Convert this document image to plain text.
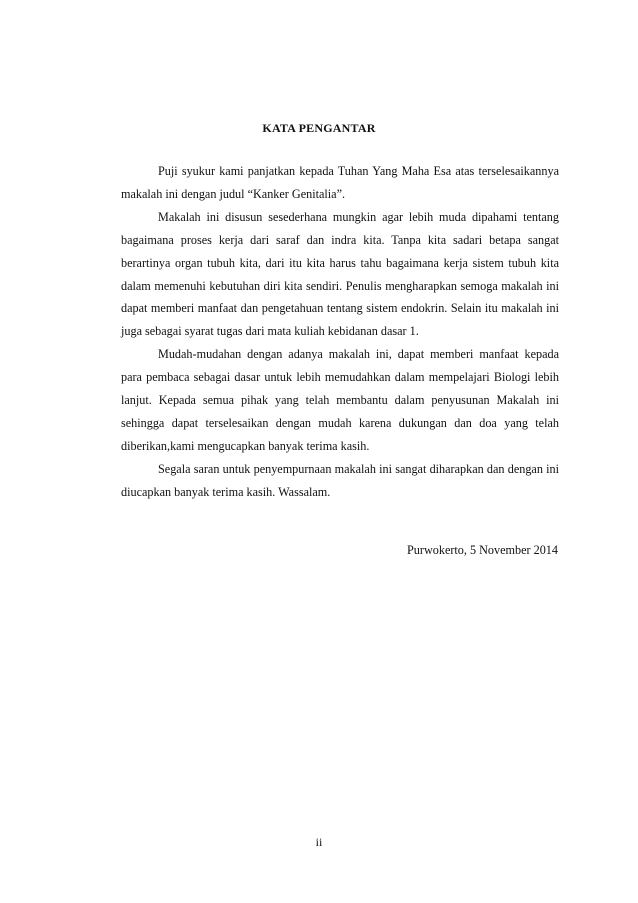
KATA PENGANTAR

Puji syukur kami panjatkan kepada Tuhan Yang Maha Esa atas terselesaikannya makalah ini dengan judul “Kanker Genitalia”.

Makalah ini disusun sesederhana mungkin agar lebih muda dipahami tentang bagaimana proses kerja dari saraf dan indra kita. Tanpa kita sadari betapa sangat berartinya organ tubuh kita, dari itu kita harus tahu bagaimana kerja sistem tubuh kita dalam memenuhi kebutuhan diri kita sendiri. Penulis mengharapkan semoga makalah ini dapat memberi manfaat dan pengetahuan tentang sistem endokrin. Selain itu makalah ini juga sebagai syarat tugas dari mata kuliah kebidanan dasar 1.

Mudah-mudahan dengan adanya makalah ini, dapat memberi manfaat kepada para pembaca sebagai dasar untuk lebih memudahkan dalam mempelajari Biologi lebih lanjut. Kepada semua pihak yang telah membantu dalam penyusunan Makalah ini sehingga dapat terselesaikan dengan mudah karena dukungan dan doa yang telah diberikan,kami mengucapkan banyak terima kasih.

Segala saran untuk penyempurnaan makalah ini sangat diharapkan dan dengan ini diucapkan banyak terima kasih. Wassalam.

Purwokerto, 5 November 2014
ii
